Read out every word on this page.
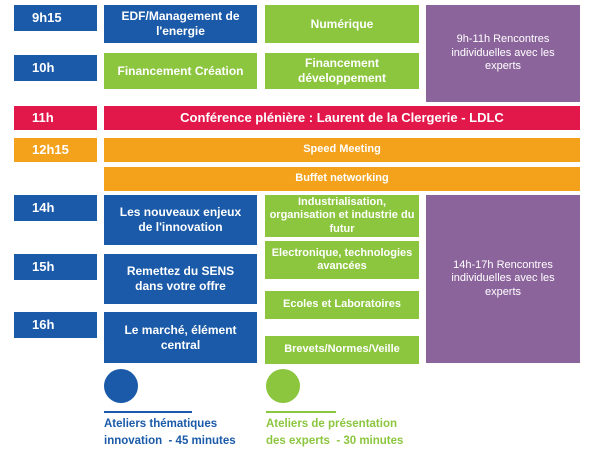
9h15
10h
11h
12h15
14h
15h
16h
EDF/Management de l'energie
Numérique
Financement Création
Financement développement
9h-11h Rencontres individuelles avec les experts
Conférence plénière : Laurent de la Clergerie - LDLC
Speed Meeting
Buffet networking
Les nouveaux enjeux de l'innovation
Industrialisation, organisation et industrie du futur
Electronique, technologies avancées
Remettez du SENS dans votre offre
Ecoles et Laboratoires
Le marché, élément central	Brevets/Normes/Veille
14h-17h Rencontres individuelles avec les experts
Ateliers thématiques
innovation  - 45 minutes
Ateliers de présentation
des experts  - 30 minutes
